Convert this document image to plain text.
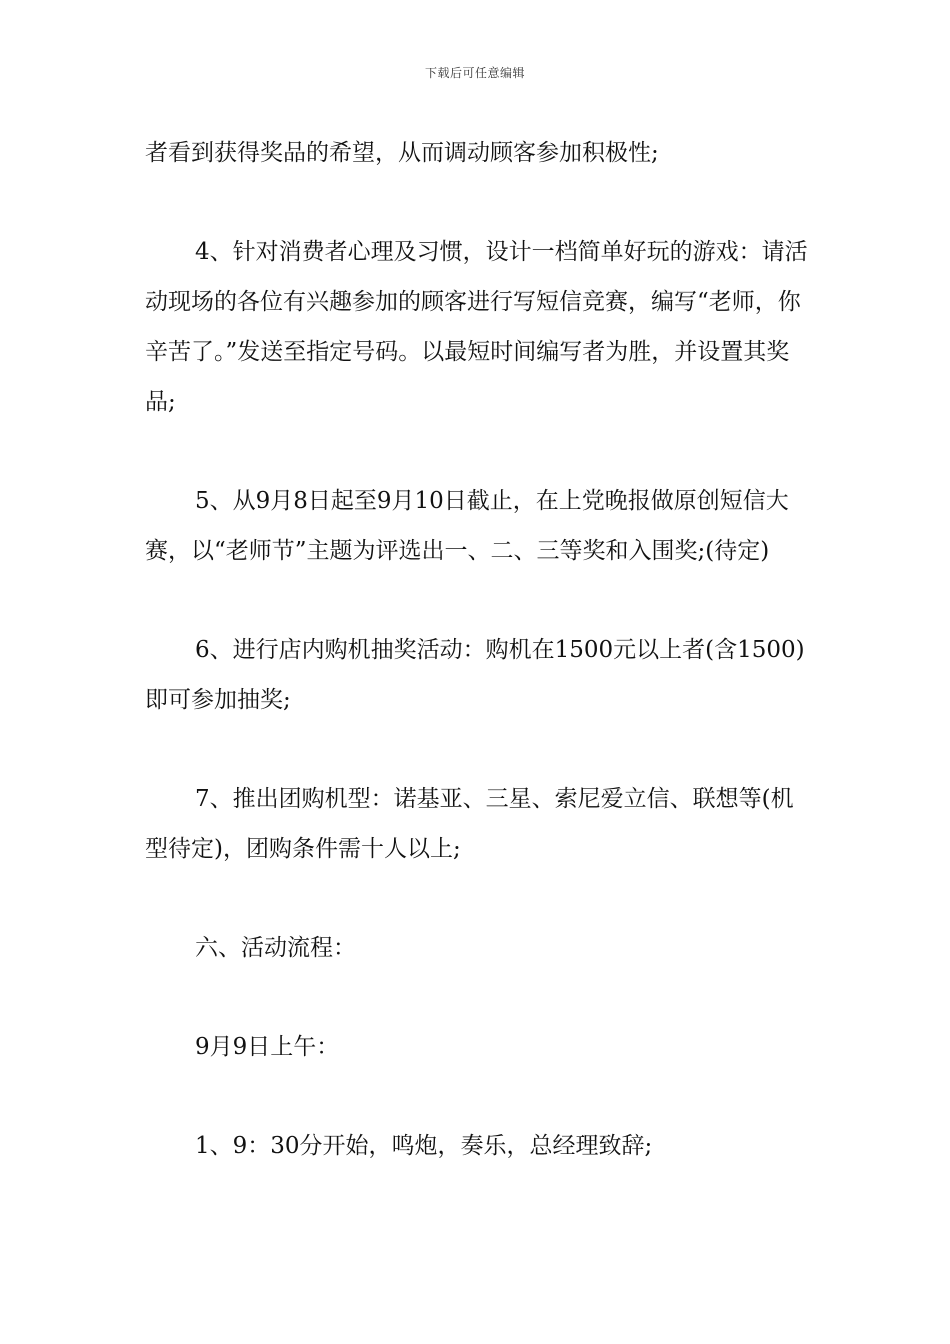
下载后可任意编辑

者看到获得奖品的希望，从而调动顾客参加积极性;

4、针对消费者心理及习惯，设计一档简单好玩的游戏：请活动现场的各位有兴趣参加的顾客进行写短信竞赛，编写“老师，你辛苦了。”发送至指定号码。以最短时间编写者为胜，并设置其奖品;

5、从9月8日起至9月10日截止，在上党晚报做原创短信大赛，以“老师节”主题为评选出一、二、三等奖和入围奖;(待定)

6、进行店内购机抽奖活动：购机在1500元以上者(含1500)即可参加抽奖;

7、推出团购机型：诺基亚、三星、索尼爱立信、联想等(机型待定)，团购条件需十人以上;

六、活动流程：

9月9日上午：

1、9：30分开始，鸣炮，奏乐，总经理致辞;
